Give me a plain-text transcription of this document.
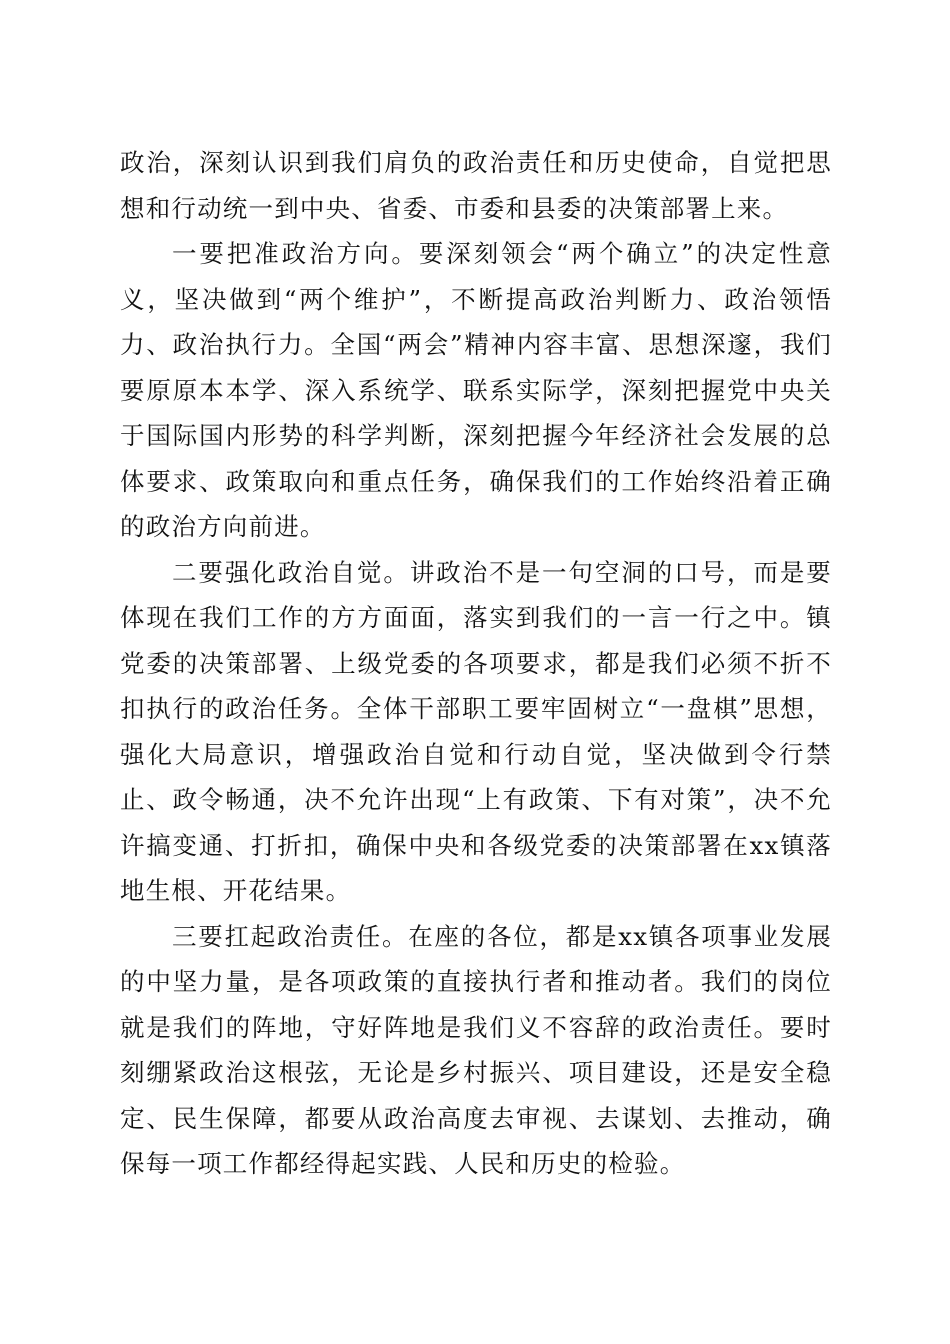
政治，深刻认识到我们肩负的政治责任和历史使命，自觉把思想和行动统一到中央、省委、市委和县委的决策部署上来。

一要把准政治方向。要深刻领会“两个确立”的决定性意义，坚决做到“两个维护”，不断提高政治判断力、政治领悟力、政治执行力。全国“两会”精神内容丰富、思想深邃，我们要原原本本学、深入系统学、联系实际学，深刻把握党中央关于国际国内形势的科学判断，深刻把握今年经济社会发展的总体要求、政策取向和重点任务，确保我们的工作始终沿着正确的政治方向前进。

二要强化政治自觉。讲政治不是一句空洞的口号，而是要体现在我们工作的方方面面，落实到我们的一言一行之中。镇党委的决策部署、上级党委的各项要求，都是我们必须不折不扣执行的政治任务。全体干部职工要牢固树立“一盘棋”思想，强化大局意识，增强政治自觉和行动自觉，坚决做到令行禁止、政令畅通，决不允许出现“上有政策、下有对策”，决不允许搞变通、打折扣，确保中央和各级党委的决策部署在xx镇落地生根、开花结果。

三要扛起政治责任。在座的各位，都是xx镇各项事业发展的中坚力量，是各项政策的直接执行者和推动者。我们的岗位就是我们的阵地，守好阵地是我们义不容辞的政治责任。要时刻绷紧政治这根弦，无论是乡村振兴、项目建设，还是安全稳定、民生保障，都要从政治高度去审视、去谋划、去推动，确保每一项工作都经得起实践、人民和历史的检验。
